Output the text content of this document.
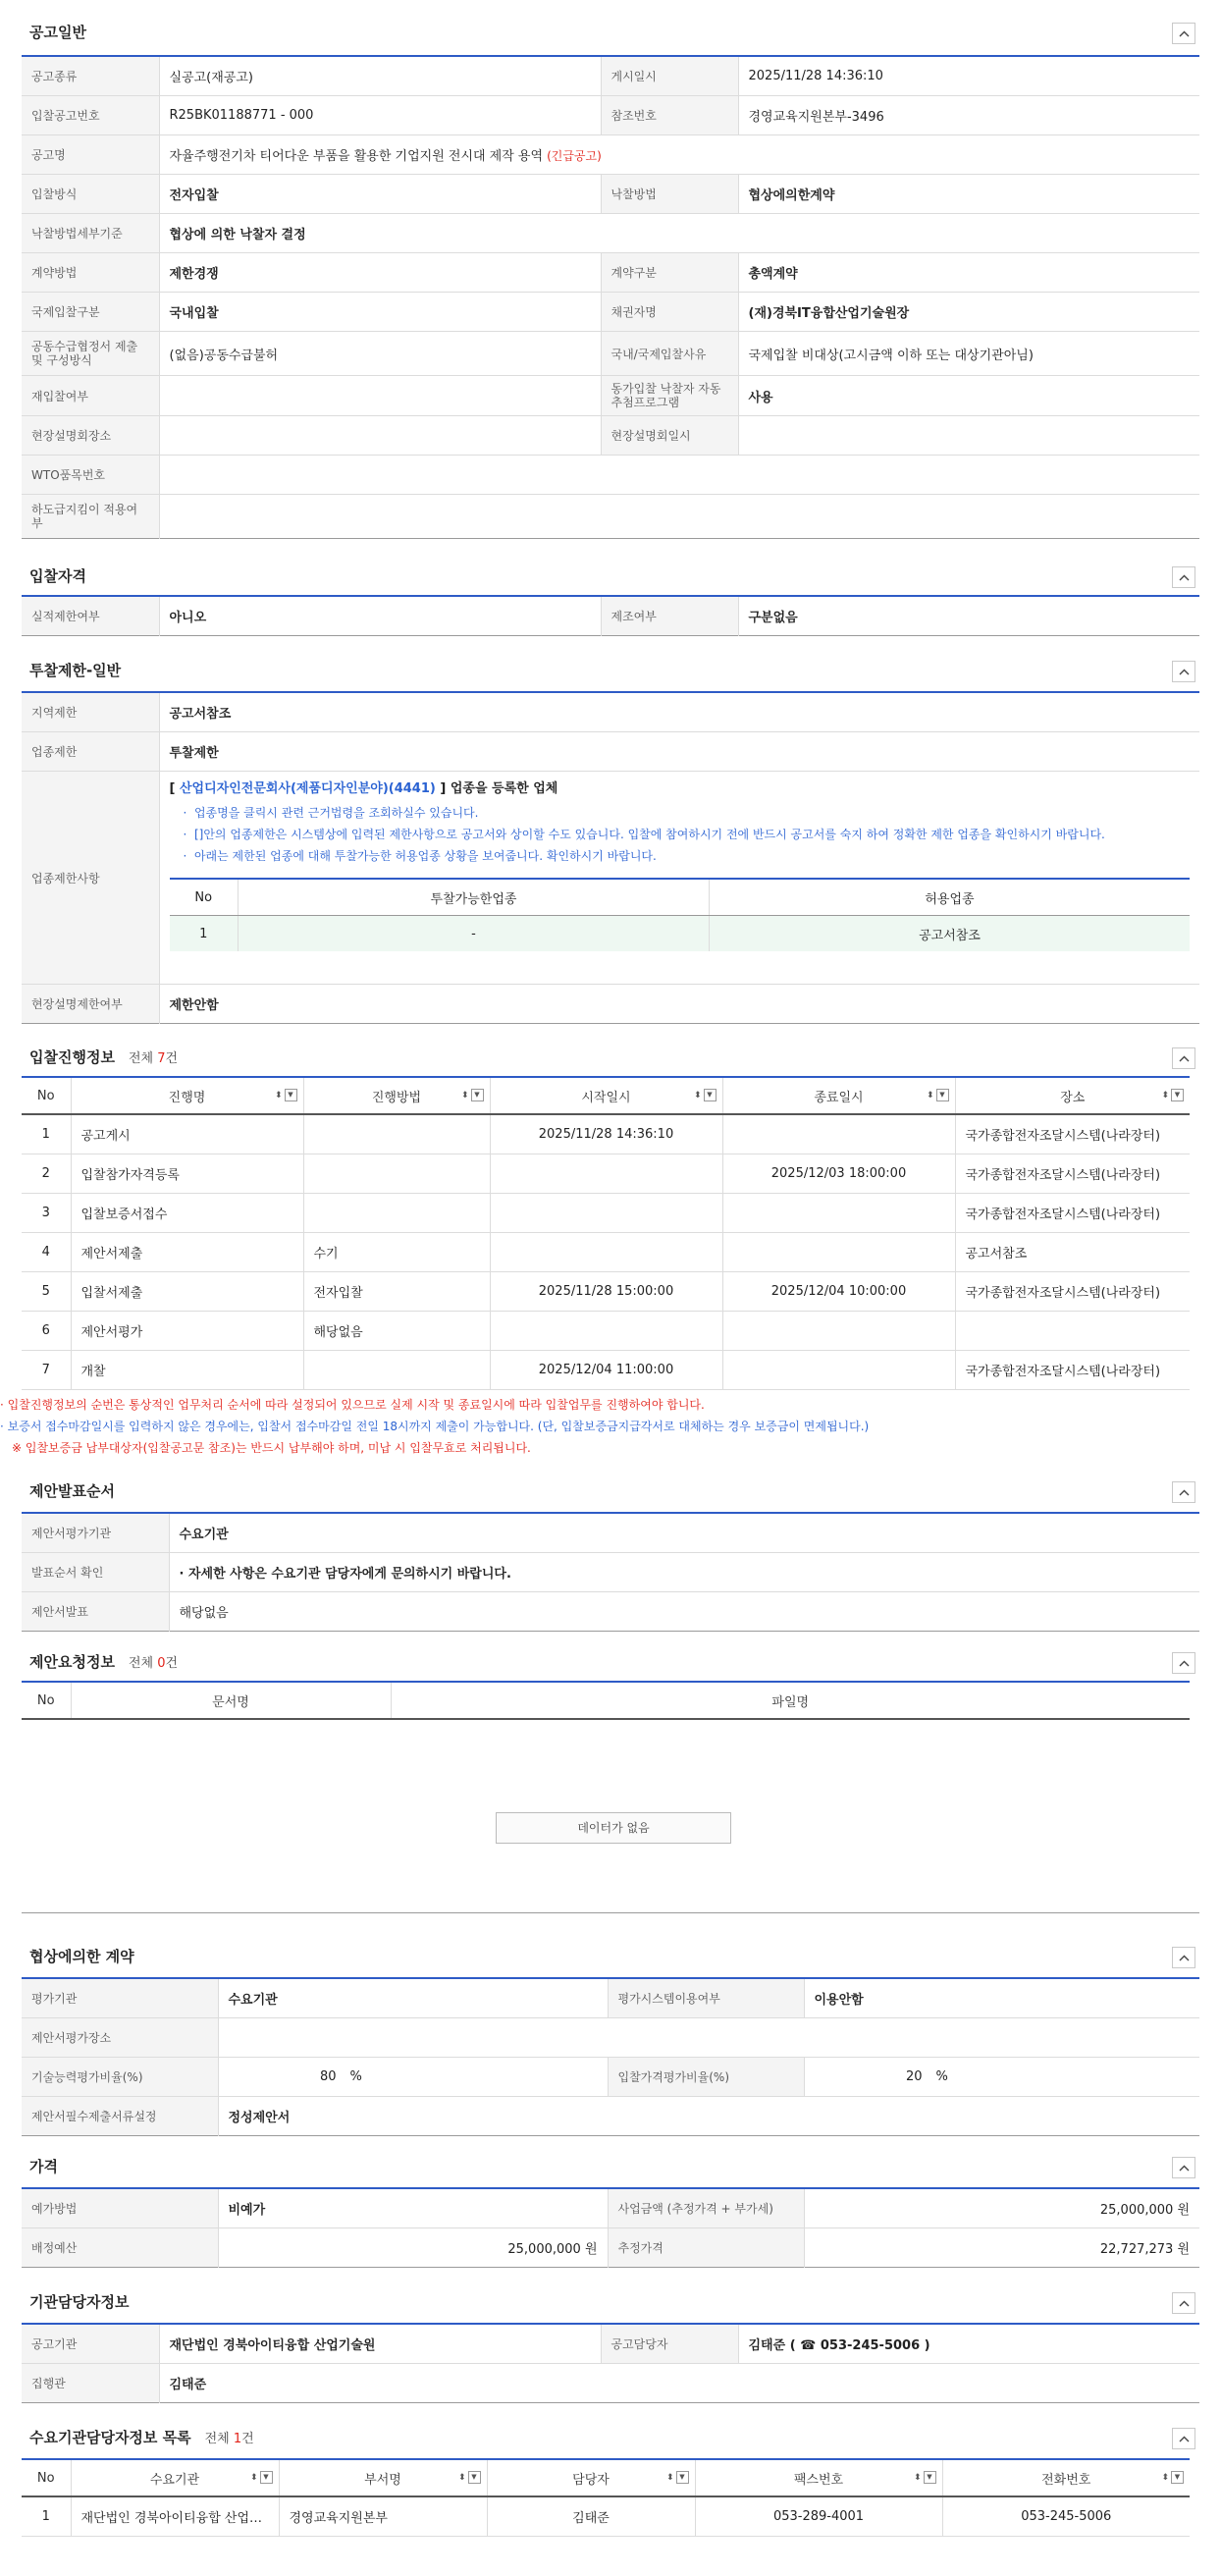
공고일반
공고종류	실공고(재공고)	게시일시	2025/11/28 14:36:10
입찰공고번호	R25BK01188771 - 000	참조번호	경영교육지원본부-3496
공고명	자율주행전기차 티어다운 부품을 활용한 기업지원 전시대 제작 용역 (긴급공고)		
입찰방식	전자입찰	낙찰방법	협상에의한계약
낙찰방법세부기준	협상에 의한 낙찰자 결정		
계약방법	제한경쟁	계약구분	총액계약
국제입찰구분	국내입찰	채권자명	(재)경북IT융합산업기술원장
공동수급협정서 제출 및 구성방식	(없음)공동수급불허	국내/국제입찰사유	국제입찰 비대상(고시금액 이하 또는 대상기관아님)
재입찰여부		동가입찰 낙찰자 자동추첨프로그램	사용
현장설명회장소		현장설명회일시	
WTO품목번호			
하도급지킴이 적용여부			
입찰자격
실적제한여부	아니오	제조여부	구분없음
투찰제한-일반
지역제한	공고서참조
업종제한	투찰제한
업종제한사항	
[ 산업디자인전문회사(제품디자인분야)(4441) ] 업종을 등록한 업체
·  업종명을 클릭시 관련 근거법령을 조회하실수 있습니다.
·  []안의 업종제한은 시스템상에 입력된 제한사항으로 공고서와 상이할 수도 있습니다. 입찰에 참여하시기 전에 반드시 공고서를 숙지 하여 정확한 제한 업종을 확인하시기 바랍니다.
·  아래는 제한된 업종에 대해 투찰가능한 허용업종 상황을 보여줍니다. 확인하시기 바랍니다.
No	투찰가능한업종	허용업종
1	-	공고서참조

현장설명제한여부	제한안함
입찰진행정보 전체 7건
No	진행명 ⬍ ▼	진행방법 ⬍ ▼	시작일시 ⬍ ▼	종료일시 ⬍ ▼	장소 ⬍ ▼

1	공고게시		2025/11/28 14:36:10		국가종합전자조달시스템(나라장터)
2	입찰참가자격등록			2025/12/03 18:00:00	국가종합전자조달시스템(나라장터)
3	입찰보증서접수				국가종합전자조달시스템(나라장터)
4	제안서제출	수기			공고서참조
5	입찰서제출	전자입찰	2025/11/28 15:00:00	2025/12/04 10:00:00	국가종합전자조달시스템(나라장터)
6	제안서평가	해당없음			
7	개찰		2025/12/04 11:00:00		국가종합전자조달시스템(나라장터)
· 입찰진행정보의 순번은 통상적인 업무처리 순서에 따라 설정되어 있으므로 실제 시작 및 종료일시에 따라 입찰업무를 진행하여야 합니다.
· 보증서 접수마감일시를 입력하지 않은 경우에는, 입찰서 접수마감일 전일 18시까지 제출이 가능합니다. (단, 입찰보증금지급각서로 대체하는 경우 보증금이 면제됩니다.)
※ 입찰보증금 납부대상자(입찰공고문 참조)는 반드시 납부해야 하며, 미납 시 입찰무효로 처리됩니다.
제안발표순서
제안서평가기관	수요기관
발표순서 확인	· 자세한 사항은 수요기관 담당자에게 문의하시기 바랍니다.
제안서발표	해당없음
제안요청정보 전체 0건
No	문서명	파일명
데이터가 없음
협상에의한 계약
평가기관	수요기관	평가시스템이용여부	이용안함
제안서평가장소			
기술능력평가비율(%)	80 %	입찰가격평가비율(%)	20 %
제안서필수제출서류설정	정성제안서		
가격
예가방법	비예가	사업금액 (추정가격 + 부가세)	25,000,000 원
배정예산	25,000,000 원	추정가격	22,727,273 원
기관담당자정보
공고기관	재단법인 경북아이티융합 산업기술원	공고담당자	김태준 ( ☎ 053-245-5006 )
집행관	김태준		
수요기관담당자정보 목록 전체 1건
No	수요기관 ⬍ ▼	부서명 ⬍ ▼	담당자 ⬍ ▼	팩스번호 ⬍ ▼	전화번호 ⬍ ▼

1	재단법인 경북아이티융합 산업…	경영교육지원본부	김태준	053-289-4001	053-245-5006
